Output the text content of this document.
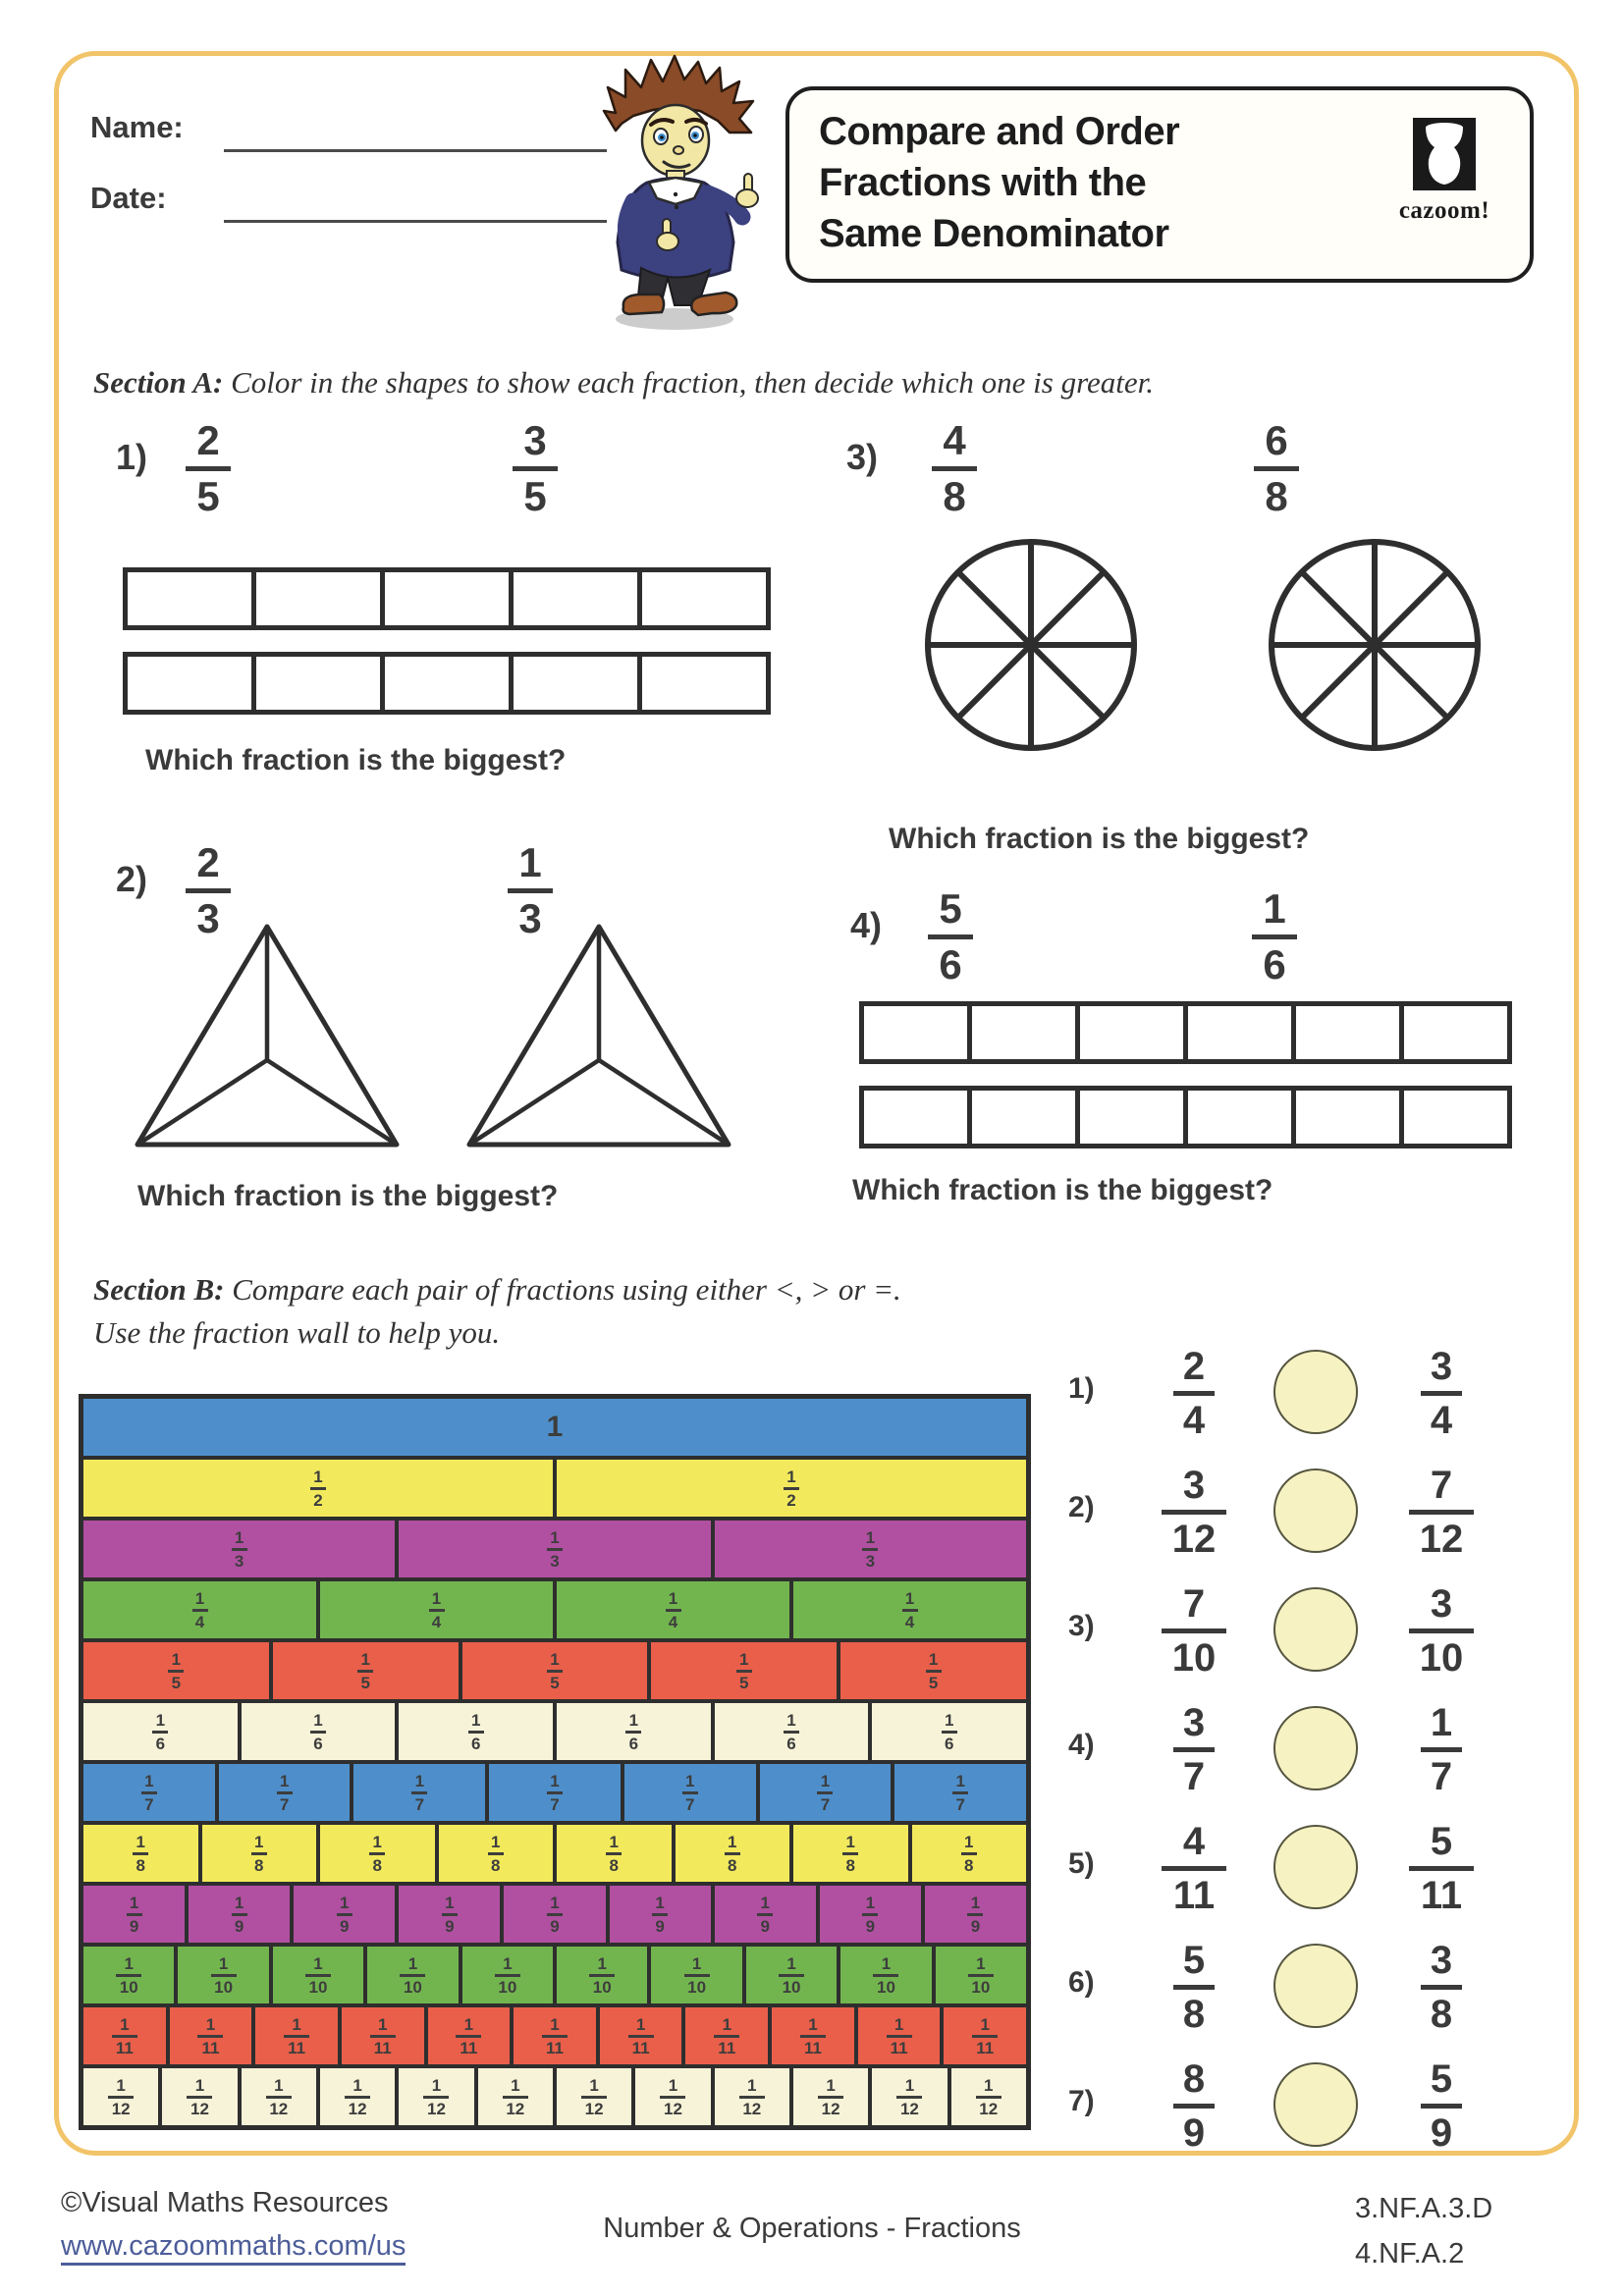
Name:
Date:
Compare and Order
Fractions with the
Same Denominator
cazoom!
Section A: Color in the shapes to show each fraction, then decide which one is greater.
1) 2
5
3
5
Which fraction is the biggest?
3) 4
8
6
8
Which fraction is the biggest?
2) 2
3
1
3
Which fraction is the biggest?
4) 5
6
1
6
Which fraction is the biggest?
Section B: Compare each pair of fractions using either <, > or =.
Use the fraction wall to help you.
1
1
2
1
2
1
3
1
3
1
3
1
4
1
4
1
4
1
4
1
5
1
5
1
5
1
5
1
5
1
6
1
6
1
6
1
6
1
6
1
6
1
7
1
7
1
7
1
7
1
7
1
7
1
7
1
8
1
8
1
8
1
8
1
8
1
8
1
8
1
8
1
9
1
9
1
9
1
9
1
9
1
9
1
9
1
9
1
9
1
10
1
10
1
10
1
10
1
10
1
10
1
10
1
10
1
10
1
10
1
11
1
11
1
11
1
11
1
11
1
11
1
11
1
11
1
11
1
11
1
11
1
12
1
12
1
12
1
12
1
12
1
12
1
12
1
12
1
12
1
12
1
12
1
12
1)
2
4
3
4
2)
3
12
7
12
3)
7
10
3
10
4)
3
7
1
7
5)
4
11
5
11
6)
5
8
3
8
7)
8
9
5
9
©Visual Maths Resources
www.cazoommaths.com/us
Number & Operations - Fractions
3.NF.A.3.D
4.NF.A.2
